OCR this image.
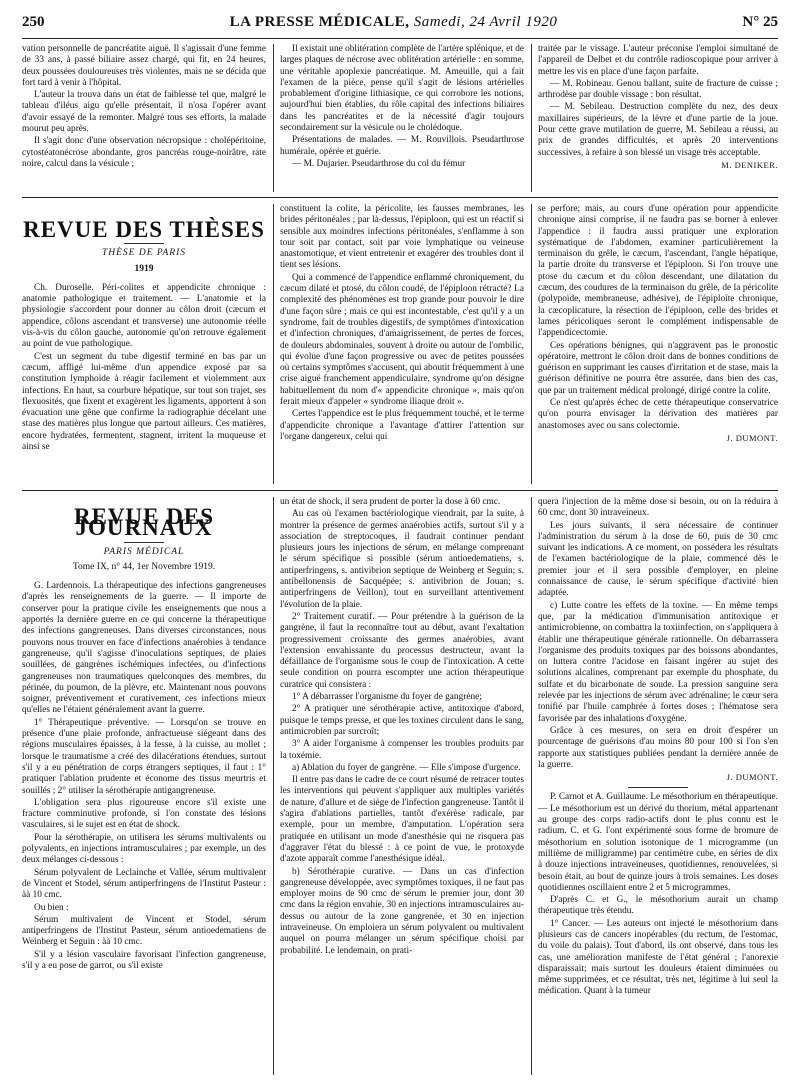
250	LA PRESSE MÉDICALE, Samedi, 24 Avril 1920	N° 25

vation personnelle de pancréatite aiguë. Il s'agissait d'une femme de 33 ans, à passé biliaire assez chargé, qui fit, en 24 heures, deux poussées douloureuses très violentes, mais ne se décida que fort tard à venir à l'hôpital.

L'auteur la trouva dans un état de faiblesse tel que, malgré le tableau d'iléus aigu qu'elle présentait, il n'osa l'opérer avant d'avoir essayé de la remonter. Malgré tous ses efforts, la malade mourut peu après.

Il s'agit donc d'une observation nécropsique : cholépéritoine, cytostéatonécrose abondante, gros pancréas rouge-noirâtre, rate noire, calcul dans la vésicule ;

Il existait une oblitération complète de l'artère splénique, et de larges plaques de nécrose avec oblitération artérielle : en somme, une véritable apoplexie pancréatique. M. Ameuille, qui a fait l'examen de la pièce, pense qu'il s'agit de lésions artérielles probablement d'origine lithiasique, ce qui corrobore les notions, aujourd'hui bien établies, du rôle capital des infections biliaires dans les pancréatites et de la nécessité d'agir toujours secondairement sur la vésicule ou le cholédoque.

Présentations de malades. — M. Rouvillois. Pseudarthrose humérale, opérée et guérie.

— M. Dujarier. Pseudarthrose du col du fémur

traitée par le vissage. L'auteur préconise l'emploi simultané de l'appareil de Delbet et du contrôle radioscopique pour arriver à mettre les vis en place d'une façon parfaite.

— M. Robineau. Genou ballant, suite de fracture de cuisse ; arthrodèse par double vissage : bon résultat.

— M. Sebileau. Destruction complète du nez, des deux maxillaires supérieurs, de la lèvre et d'une partie de la joue. Pour cette grave mutilation de guerre, M. Sebileau a réussi, au prix de grandes difficultés, et après 20 interventions successives, à refaire à son blessé un visage très acceptable.

M. DENIKER.
REVUE DES THÈSES
THÈSE DE PARIS
1919

Ch. Duroselle. Péri-colites et appendicite chronique : anatomie pathologique et traitement. — L'anatomie et la physiologie s'accordent pour donner au côlon droit (cæcum et appendice, côlons ascendant et transverse) une autonomie réelle vis-à-vis du côlon gauche, autonomie qu'on retrouve également au point de vue pathologique.

C'est un segment du tube digestif terminé en bas par un cæcum, affligé lui-même d'un appendice exposé par sa constitution lymphoïde à réagir facilement et violemment aux infections. En haut, sa courbure hépatique, sur tout son trajet, ses flexuosités, que fixent et exagèrent les ligaments, apportent à son évacuation une gêne que confirme la radiographie décelant une stase des matières plus longue que partout ailleurs. Ces matières, encore hydratées, fermentent, stagnent, irritent la muqueuse et ainsi se

constituent la colite, la péricolite, les fausses membranes, les brides péritonéales ; par là-dessus, l'épiploon, qui est un réactif si sensible aux moindres infections péritonéales, s'enflamme à son tour soit par contact, soit par voie lymphatique ou veineuse anastomotique, et vient entretenir et exagérer des troubles dont il tient ses lésions.

Qui a commencé de l'appendice enflammé chroniquement, du cæcum dilaté et ptosé, du côlon coudé, de l'épiploon rétracté? La complexité des phénomènes est trop grande pour pouvoir le dire d'une façon sûre ; mais ce qui est incontestable, c'est qu'il y a un syndrome, fait de troubles digestifs, de symptômes d'intoxication et d'infection chroniques, d'amaigrissement, de pertes de forces, de douleurs abdominales, souvent à droite ou autour de l'ombilic, qui évolue d'une façon progressive ou avec de petites poussées où certains symptômes s'accusent, qui aboutit fréquemment à une crise aiguë franchement appendiculaire, syndrome qu'on désigne habituellement du nom d'« appendicite chronique », mais qu'on ferait mieux d'appeler « syndrome iliaque droit ».

Certes l'appendice est le plus fréquemment touché, et le terme d'appendicite chronique a l'avantage d'attirer l'attention sur l'organe dangereux, celui qui

se perfore; mais, au cours d'une opération pour appendicite chronique ainsi comprise, il ne faudra pas se borner à enlever l'appendice : il faudra aussi pratiquer une exploration systématique de l'abdomen, examiner particulièrement la terminaison du grêle, le cæcum, l'ascendant, l'angle hépatique, la partie droite du transverse et l'épiploon. Si l'on trouve une ptose du cæcum et du côlon descendant, une dilatation du cæcum, des coudures de la terminaison du grêle, de la péricolite (polypoïde, membraneuse, adhésive), de l'épiploïte chronique, la cæcoplicature, la résection de l'épiploon, celle des brides et lames péricoliques seront le complément indispensable de l'appendicectomie.

Ces opérations bénignes, qui n'aggravent pas le pronostic opératoire, mettront le côlon droit dans de bonnes conditions de guérison en supprimant les causes d'irritation et de stase, mais la guérison définitive ne pourra être assurée, dans bien des cas, que par un traitement médical prolongé, dirigé contre la colite.

Ce n'est qu'après échec de cette thérapeutique conservatrice qu'on pourra envisager la dérivation des matières par anastomoses avec ou sans colectomie.

J. DUMONT.
REVUE DES JOURNAUX
PARIS MÉDICAL
Tome IX, n° 44, 1er Novembre 1919.

G. Lardennois. La thérapeutique des infections gangreneuses d'après les renseignements de la guerre. — Il importe de conserver pour la pratique civile les enseignements que nous a apportés la dernière guerre en ce qui concerne la thérapeutique des infections gangreneuses. Dans diverses circonstances, nous pouvons nous trouver en face d'infections anaérobies à tendance gangreneuse, qu'il s'agisse d'inoculations septiques, de plaies souillées, de gangrènes ischémiques infectées, ou d'infections gangreneuses non traumatiques quelconques des membres, du périnée, du poumon, de la plèvre, etc. Maintenant nous pouvons soigner, préventivement et curativement, ces infections mieux qu'elles ne l'étaient généralement avant la guerre.

1° Thérapeutique préventive. — Lorsqu'on se trouve en présence d'une plaie profonde, anfractueuse siégeant dans des régions musculaires épaisses, à la fesse, à la cuisse, au mollet ; lorsque le traumatisme a créé des dilacérations étendues, surtout s'il y a eu pénétration de corps étrangers septiques, il faut : 1° pratiquer l'ablation prudente et économe des tissus meurtris et souillés ; 2° utiliser la sérothérapie antigangreneuse.

L'obligation sera plus rigoureuse encore s'il existe une fracture comminutive profonde, si l'on constate des lésions vasculaires, si le sujet est en état de shock.

Pour la sérothérapie, on utilisera les sérums multivalents ou polyvalents, en injections intramusculaires ; par exemple, un des deux mélanges ci-dessous :

Sérum polyvalent de Leclainche et Vallée, sérum multivalent de Vincent et Stodel, sérum antiperfringens de l'Institut Pasteur : àà 10 cmc.

Ou bien :

Sérum multivalent de Vincent et Stodel, sérum antiperfringens de l'Institut Pasteur, sérum antioedematiens de Weinberg et Seguin : àà 10 cmc.

S'il y a lésion vasculaire favorisant l'infection gangreneuse, s'il y a eu pose de garrot, ou s'il existe

un état de shock, il sera prudent de porter la dose à 60 cmc.

Au cas où l'examen bactériologique viendrait, par la suite, à montrer la présence de germes anaérobies actifs, surtout s'il y a association de streptocoques, il faudrait continuer pendant plusieurs jours les injections de sérum, en mélange comprenant le sérum spécifique si possible (sérum antioedematiens, s. antiperfringens, s. antivibrion septique de Weinberg et Seguin; s. antibellonensis de Sacquépée; s. antivibrion de Jouan; s. antiperfringens de Veillon), tout en surveillant attentivement l'évolution de la plaie.

2° Traitement curatif. — Pour prétendre à la guérison de la gangrène, il faut la reconnaître tout au début, avant l'exaltation progressivement croissante des germes anaérobies, avant l'extension envahissante du processus destructeur, avant la défaillance de l'organisme sous le coup de l'intoxication. A cette seule condition on pourra escompter une action thérapeutique curatrice qui consistera :

1° A débarrasser l'organisme du foyer de gangrène;

2° A pratiquer une sérothérapie active, antitoxique d'abord, puisque le temps presse, et que les toxines circulent dans le sang, antimicrobien par surcroît;

3° A aider l'organisme à compenser les troubles produits par la toxémie.

a) Ablation du foyer de gangrène. — Elle s'impose d'urgence.

Il entre pas dans le cadre de ce court résumé de retracer toutes les interventions qui peuvent s'appliquer aux multiples variétés de nature, d'allure et de siège de l'infection gangreneuse. Tantôt il s'agira d'ablations partielles, tantôt d'exérèse radicale, par exemple, pour un membre, d'amputation. L'opération sera pratiquée en utilisant un mode d'anesthésie qui ne risquera pas d'aggraver l'état du blessé : à ce point de vue, le protoxyde d'azote apparaît comme l'anesthésique idéal.

b) Sérothérapie curative. — Dans un cas d'infection gangreneuse développée, avec symptômes toxiques, il ne faut pas employer moins de 90 cmc de sérum le premier jour, dont 30 cmc dans la région envahie, 30 en injections intramusculaires au-dessus ou autour de la zone gangrenée, et 30 en injection intraveineuse. On emploiera un sérum polyvalent ou multivalent auquel on pourra mélanger un sérum spécifique choisi par probabilité. Le lendemain, on prati-

quera l'injection de la même dose si besoin, ou on la réduira à 60 cmc, dont 30 intraveineux.

Les jours suivants, il sera nécessaire de continuer l'administration du sérum à la dose de 60, puis de 30 cmc suivant les indications. A ce moment, on possédera les résultats de l'examen bactériologique de la plaie, commencé dès le premier jour et il sera possible d'employer, en pleine connaissance de cause, le sérum spécifique d'activité bien adaptée.

c) Lutte contre les effets de la toxine. — En même temps que, par la médication d'immunisation antitoxique et antimicrobienne, on combattra la toxiinfection, on s'appliquera à établir une thérapeutique générale rationnelle. On débarrassera l'organisme des produits toxiques par des boissons abondantes, on luttera contre l'acidose en faisant ingérer au sujet des solutions alcalines, comprenant par exemple du phosphate, du sulfate et du bicarbonate de soude. La pression sanguine sera relevée par les injections de sérum avec adrénaline; le cœur sera tonifié par l'huile camphrée à fortes doses ; l'hématose sera favorisée par des inhalations d'oxygène.

Grâce à ces mesures, on sera en droit d'espérer un pourcentage de guérisons d'au moins 80 pour 100 si l'on s'en rapporte aux statistiques publiées pendant la dernière année de la guerre.

J. DUMONT.

P. Carnot et A. Guillaume. Le mésothorium en thérapeutique. — Le mésothorium est un dérivé du thorium, métal appartenant au groupe des corps radio-actifs dont le plus connu est le radium. C. et G. l'ont expérimenté sous forme de bromure de mésothorium en solution isotonique de 1 microgramme (un millième de milligramme) par centimètre cube, en séries de dix à douze injections intraveineuses, quotidiennes, renouvelées, si besoin était, au bout de quinze jours à trois semaines. Les doses quotidiennes oscillaient entre 2 et 5 microgrammes.

D'après C. et G., le mésothorium aurait un champ thérapeutique très étendu.

1° Cancer. — Les auteurs ont injecté le mésothorium dans plusieurs cas de cancers inopérables (du rectum, de l'estomac, du voile du palais). Tout d'abord, ils ont observé, dans tous les cas, une amélioration manifeste de l'état général ; l'anorexie disparaissait; mais surtout les douleurs étaient diminuées ou même supprimées, et ce résultat, très net, légitime à lui seul la médication. Quant à la tumeur
